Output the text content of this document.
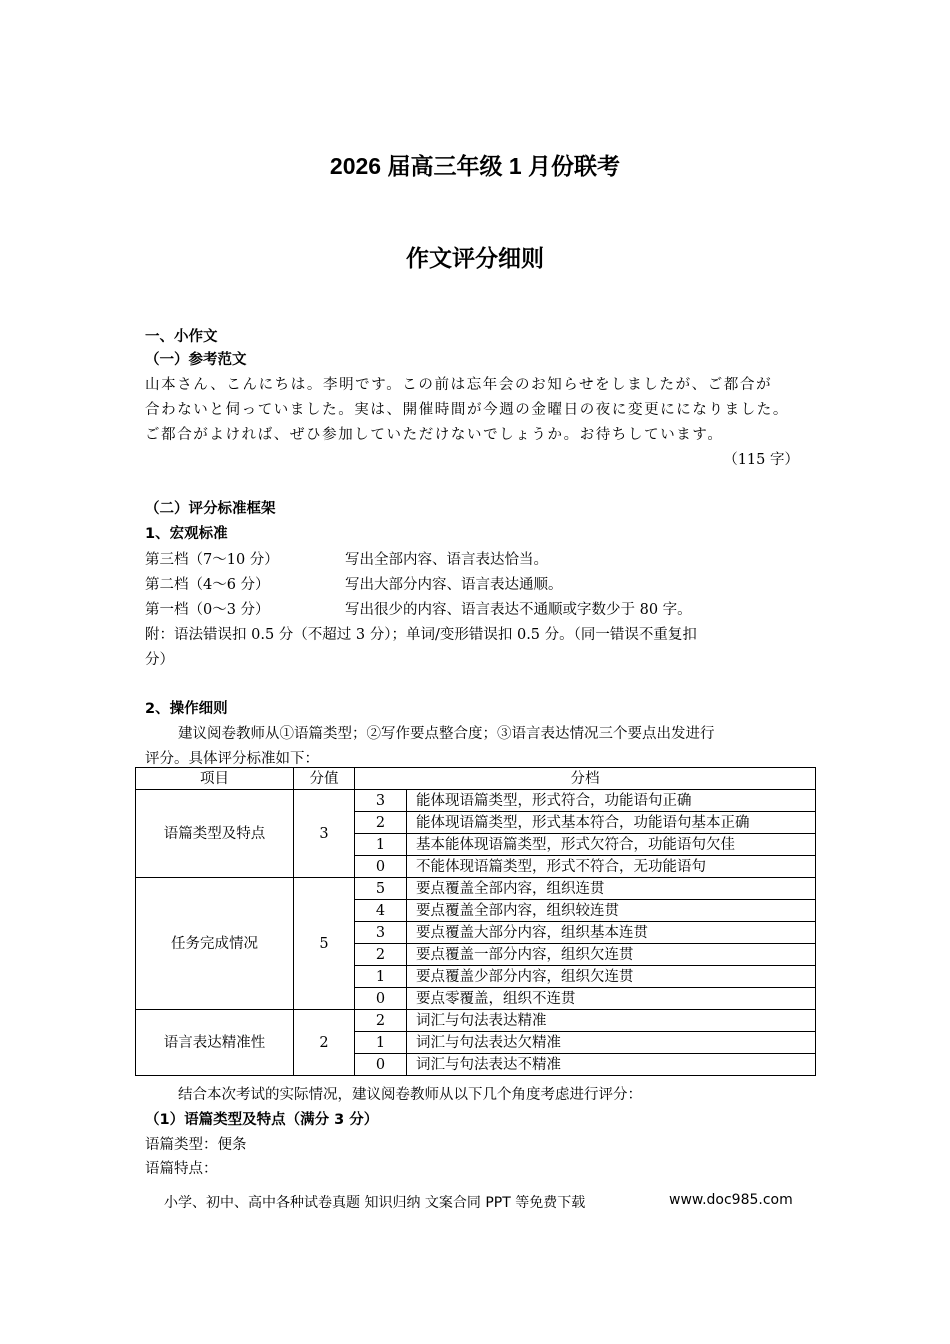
2026 届高三年级 1 月份联考
作文评分细则
一、小作文
（一）参考范文
山本さん、こんにちは。李明です。この前は忘年会のお知らせをしましたが、ご都合が
合わないと伺っていました。実は、開催時間が今週の金曜日の夜に変更にになりました。
ご都合がよければ、ぜひ参加していただけないでしょうか。お待ちしています。
（115 字）
（二）评分标准框架
1、宏观标准
第三档（7～10 分）	写出全部内容、语言表达恰当。
第二档（4～6 分）	写出大部分内容、语言表达通顺。
第一档（0～3 分）	写出很少的内容、语言表达不通顺或字数少于 80 字。
附：语法错误扣 0.5 分（不超过 3 分）；单词/变形错误扣 0.5 分。（同一错误不重复扣
分）
2、操作细则
建议阅卷教师从①语篇类型；②写作要点整合度；③语言表达情况三个要点出发进行
评分。具体评分标准如下：
项目	分值	分档	
语篇类型及特点	3	3	能体现语篇类型，形式符合，功能语句正确
		2	能体现语篇类型，形式基本符合，功能语句基本正确
		1	基本能体现语篇类型，形式欠符合，功能语句欠佳
		0	不能体现语篇类型，形式不符合，无功能语句
任务完成情况	5	5	要点覆盖全部内容，组织连贯
		4	要点覆盖全部内容，组织较连贯
		3	要点覆盖大部分内容，组织基本连贯
		2	要点覆盖一部分内容，组织欠连贯
		1	要点覆盖少部分内容，组织欠连贯
		0	要点零覆盖，组织不连贯
语言表达精准性	2	2	词汇与句法表达精准
		1	词汇与句法表达欠精准
		0	词汇与句法表达不精准
结合本次考试的实际情况，建议阅卷教师从以下几个角度考虑进行评分：
（1）语篇类型及特点（满分 3 分）
语篇类型：便条
语篇特点：
小学、初中、高中各种试卷真题 知识归纳 文案合同 PPT 等免费下载	www.doc985.com
